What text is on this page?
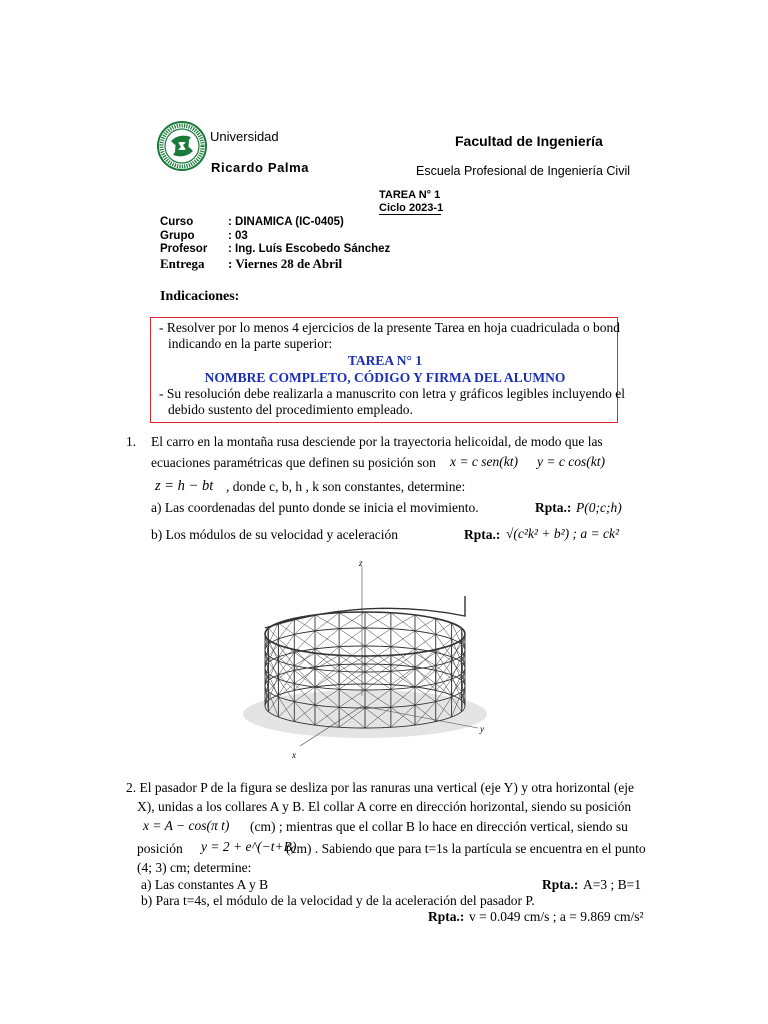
Universidad
Ricardo Palma
Facultad de Ingeniería
Escuela Profesional de Ingeniería Civil
TAREA N° 1
Ciclo 2023-1
Curso	: DINAMICA (IC-0405)
Grupo	: 03
Profesor : Ing. Luís Escobedo Sánchez
Entrega : Viernes 28 de Abril
Indicaciones:
- Resolver por lo menos 4 ejercicios de la presente Tarea en hoja cuadriculada o bond
indicando en la parte superior:
TAREA N° 1
NOMBRE COMPLETO, CÓDIGO Y FIRMA DEL ALUMNO
- Su resolución debe realizarla a manuscrito con letra y gráficos legibles incluyendo el
debido sustento del procedimiento empleado.
1. El carro en la montaña rusa desciende por la trayectoria helicoidal, de modo que las
ecuaciones paramétricas que definen su posición son x = c sen(kt) y = c cos(kt)
z = h − bt , donde c, b, h , k son constantes, determine:
a) Las coordenadas del punto donde se inicia el movimiento.	Rpta.: P(0;c;h)
b) Los módulos de su velocidad y aceleración	Rpta.: √(c²k² + b²) ; a = ck²
z
x
y
2. El pasador P de la figura se desliza por las ranuras una vertical (eje Y) y otra horizontal (eje
X), unidas a los collares A y B. El collar A corre en dirección horizontal, siendo su posición
x = A − cos(π t) (cm) ; mientras que el collar B lo hace en dirección vertical, siendo su
posición y = 2 + e^(−t+B)
(cm) . Sabiendo que para t=1s la partícula se encuentra en el punto
(4; 3) cm; determine:
a) Las constantes A y B	Rpta.: A=3 ; B=1
b) Para t=4s, el módulo de la velocidad y de la aceleración del pasador P.
Rpta.: v = 0.049 cm/s ; a = 9.869 cm/s²
